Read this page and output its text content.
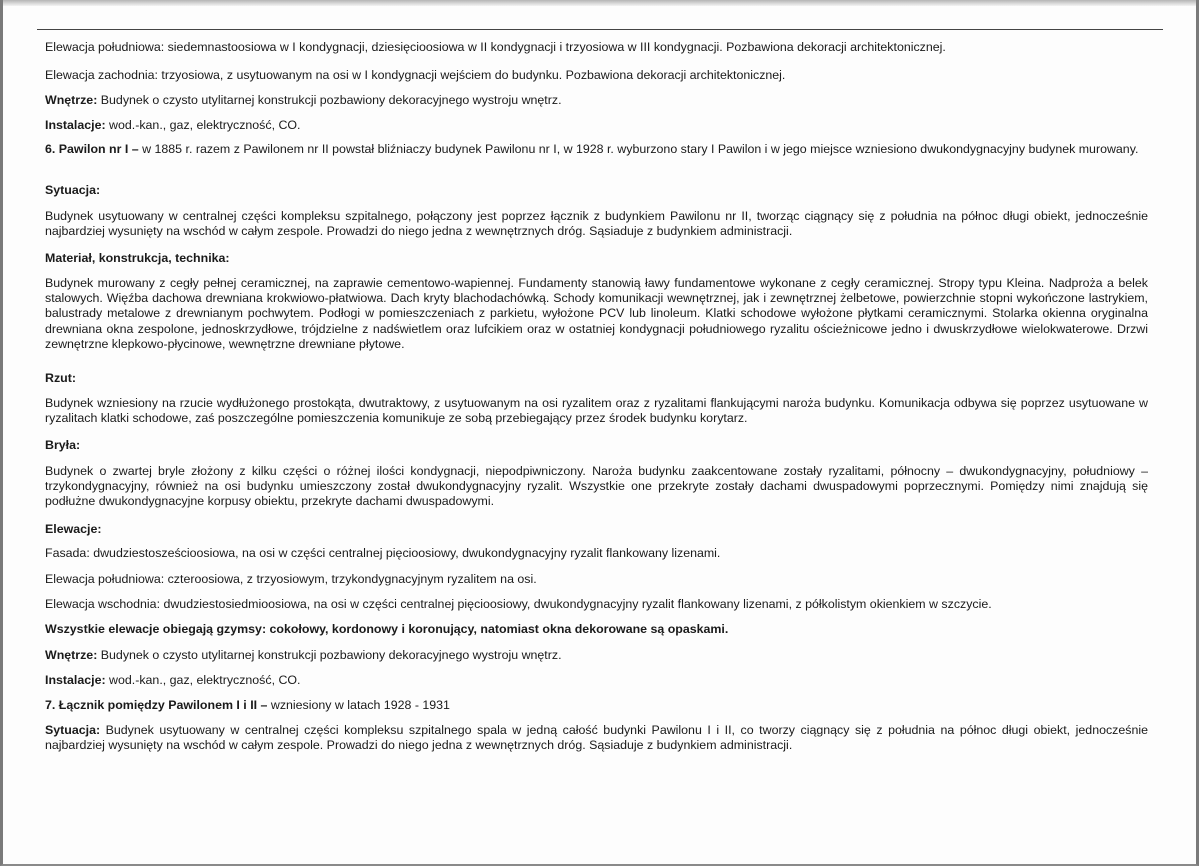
Elewacja południowa: siedemnastoosiowa w I kondygnacji, dziesięcioosiowa w II kondygnacji i trzyosiowa w III kondygnacji. Pozbawiona dekoracji architektonicznej.

Elewacja zachodnia: trzyosiowa, z usytuowanym na osi w I kondygnacji wejściem do budynku. Pozbawiona dekoracji architektonicznej.

Wnętrze: Budynek o czysto utylitarnej konstrukcji pozbawiony dekoracyjnego wystroju wnętrz.

Instalacje: wod.-kan., gaz, elektryczność, CO.

6. Pawilon nr I – w 1885 r. razem z Pawilonem nr II powstał bliźniaczy budynek Pawilonu nr I, w 1928 r. wyburzono stary I Pawilon i w jego miejsce wzniesiono dwukondygnacyjny budynek murowany.

Sytuacja:

Budynek usytuowany w centralnej części kompleksu szpitalnego, połączony jest poprzez łącznik z budynkiem Pawilonu nr II, tworząc ciągnący się z południa na północ długi obiekt, jednocześnie najbardziej wysunięty na wschód w całym zespole. Prowadzi do niego jedna z wewnętrznych dróg. Sąsiaduje z budynkiem administracji.

Materiał, konstrukcja, technika:

Budynek murowany z cegły pełnej ceramicznej, na zaprawie cementowo-wapiennej. Fundamenty stanowią ławy fundamentowe wykonane z cegły ceramicznej. Stropy typu Kleina. Nadproża a belek stalowych. Więźba dachowa drewniana krokwiowo-płatwiowa. Dach kryty blachodachówką. Schody komunikacji wewnętrznej, jak i zewnętrznej żelbetowe, powierzchnie stopni wykończone lastrykiem, balustrady metalowe z drewnianym pochwytem. Podłogi w pomieszczeniach z parkietu, wyłożone PCV lub linoleum. Klatki schodowe wyłożone płytkami ceramicznymi. Stolarka okienna oryginalna drewniana okna zespolone, jednoskrzydłowe, trójdzielne z nadświetlem oraz lufcikiem oraz w ostatniej kondygnacji południowego ryzalitu ościeżnicowe jedno i dwuskrzydłowe wielokwaterowe. Drzwi zewnętrzne klepkowo-płycinowe, wewnętrzne drewniane płytowe.

Rzut:

Budynek wzniesiony na rzucie wydłużonego prostokąta, dwutraktowy, z usytuowanym na osi ryzalitem oraz z ryzalitami flankującymi naroża budynku. Komunikacja odbywa się poprzez usytuowane w ryzalitach klatki schodowe, zaś poszczególne pomieszczenia komunikuje ze sobą przebiegający przez środek budynku korytarz.

Bryła:

Budynek o zwartej bryle złożony z kilku części o różnej ilości kondygnacji, niepodpiwniczony. Naroża budynku zaakcentowane zostały ryzalitami, północny – dwukondygnacyjny, południowy – trzykondygnacyjny, również na osi budynku umieszczony został dwukondygnacyjny ryzalit. Wszystkie one przekryte zostały dachami dwuspadowymi poprzecznymi. Pomiędzy nimi znajdują się podłużne dwukondygnacyjne korpusy obiektu, przekryte dachami dwuspadowymi.

Elewacje:

Fasada: dwudziestosześcioosiowa, na osi w części centralnej pięcioosiowy, dwukondygnacyjny ryzalit flankowany lizenami.

Elewacja południowa: czteroosiowa, z trzyosiowym, trzykondygnacyjnym ryzalitem na osi.

Elewacja wschodnia: dwudziestosiedmioosiowa, na osi w części centralnej pięcioosiowy, dwukondygnacyjny ryzalit flankowany lizenami, z półkolistym okienkiem w szczycie.

Wszystkie elewacje obiegają gzymsy: cokołowy, kordonowy i koronujący, natomiast okna dekorowane są opaskami.

Wnętrze: Budynek o czysto utylitarnej konstrukcji pozbawiony dekoracyjnego wystroju wnętrz.

Instalacje: wod.-kan., gaz, elektryczność, CO.

7. Łącznik pomiędzy Pawilonem I i II – wzniesiony w latach 1928 - 1931

Sytuacja: Budynek usytuowany w centralnej części kompleksu szpitalnego spala w jedną całość budynki Pawilonu I i II, co tworzy ciągnący się z południa na północ długi obiekt, jednocześnie najbardziej wysunięty na wschód w całym zespole. Prowadzi do niego jedna z wewnętrznych dróg. Sąsiaduje z budynkiem administracji.
